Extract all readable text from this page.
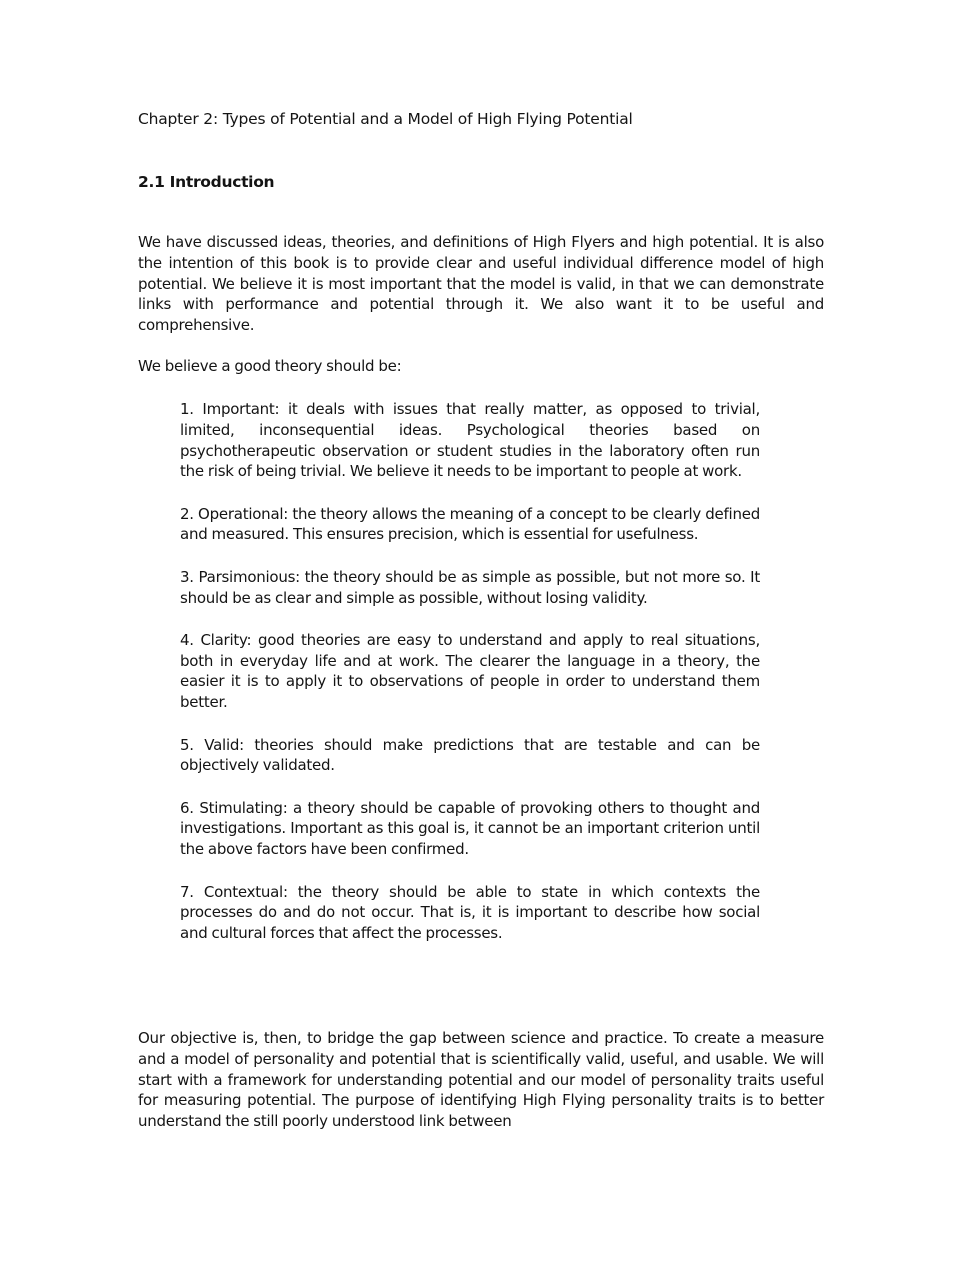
Chapter 2: Types of Potential and a Model of High Flying Potential
2.1 Introduction

We have discussed ideas, theories, and definitions of High Flyers and high potential. It is also the intention of this book is to provide clear and useful individual difference model of high potential. We believe it is most important that the model is valid, in that we can demonstrate links with performance and potential through it. We also want it to be useful and comprehensive.

We believe a good theory should be:

1. Important: it deals with issues that really matter, as opposed to trivial, limited, inconsequential ideas. Psychological theories based on psychotherapeutic observation or student studies in the laboratory often run the risk of being trivial. We believe it needs to be important to people at work.
2. Operational: the theory allows the meaning of a concept to be clearly defined and measured. This ensures precision, which is essential for usefulness.
3. Parsimonious: the theory should be as simple as possible, but not more so. It should be as clear and simple as possible, without losing validity.
4. Clarity: good theories are easy to understand and apply to real situations, both in everyday life and at work. The clearer the language in a theory, the easier it is to apply it to observations of people in order to understand them better.
5. Valid: theories should make predictions that are testable and can be objectively validated.
6. Stimulating: a theory should be capable of provoking others to thought and investigations. Important as this goal is, it cannot be an important criterion until the above factors have been confirmed.
7. Contextual: the theory should be able to state in which contexts the processes do and do not occur. That is, it is important to describe how social and cultural forces that affect the processes.

Our objective is, then, to bridge the gap between science and practice. To create a measure and a model of personality and potential that is scientifically valid, useful, and usable. We will start with a framework for understanding potential and our model of personality traits useful for measuring potential. The purpose of identifying High Flying personality traits is to better understand the still poorly understood link between
